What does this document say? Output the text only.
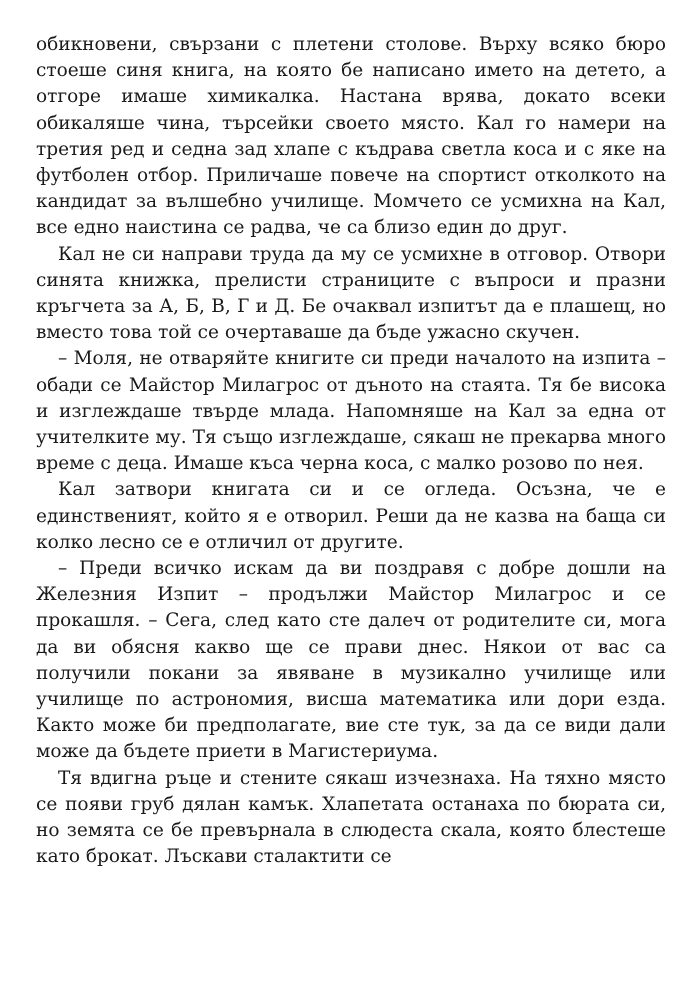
обикновени, свързани с плетени столове. Върху всяко бюро стоеше синя книга, на която бе написано името на детето, а отгоре имаше химикалка. Настана врява, докато всеки обикаляше чина, търсейки своето място. Кал го намери на третия ред и седна зад хлапе с къдрава светла коса и с яке на футболен отбор. Приличаше повече на спортист отколкото на кандидат за вълшебно училище. Момчето се усмихна на Кал, все едно наистина се радва, че са близо един до друг.

Кал не си направи труда да му се усмихне в отговор. Отвори синята книжка, прелисти страниците с въпроси и празни кръгчета за А, Б, В, Г и Д. Бе очаквал изпитът да е плашещ, но вместо това той се очертаваше да бъде ужасно скучен.

– Моля, не отваряйте книгите си преди началото на изпита – обади се Майстор Милагрос от дъното на стаята. Тя бе висока и изглеждаше твърде млада. Напомняше на Кал за една от учителките му. Тя също изглеждаше, сякаш не прекарва много време с деца. Имаше къса черна коса, с малко розово по нея.

Кал затвори книгата си и се огледа. Осъзна, че е единственият, който я е отворил. Реши да не казва на баща си колко лесно се е отличил от другите.

– Преди всичко искам да ви поздравя с добре дошли на Железния Изпит – продължи Майстор Милагрос и се прокашля. – Сега, след като сте далеч от родителите си, мога да ви обясня какво ще се прави днес. Някои от вас са получили покани за явяване в музикално училище или училище по астрономия, висша математика или дори езда. Както може би предполагате, вие сте тук, за да се види дали може да бъдете приети в Магистериума.

Тя вдигна ръце и стените сякаш изчезнаха. На тяхно място се появи груб дялан камък. Хлапетата останаха по бюрата си, но земята се бе превърнала в слюдеста скала, която блестеше като брокат. Лъскави сталактити се
